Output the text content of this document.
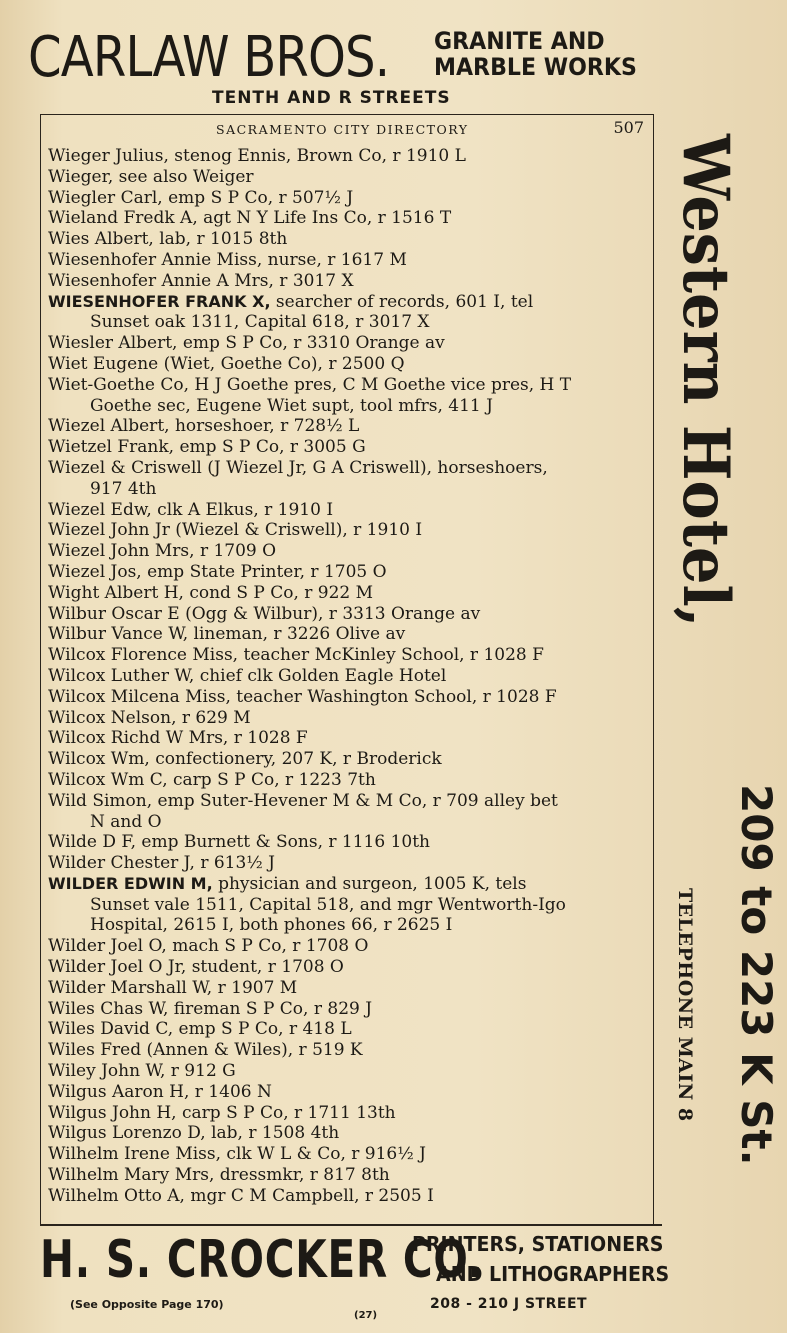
CARLAW BROS. GRANITE AND
MARBLE WORKS
TENTH AND R STREETS
SACRAMENTO CITY DIRECTORY	507
Wieger Julius, stenog Ennis, Brown Co, r 1910 L
Wieger, see also Weiger
Wiegler Carl, emp S P Co, r 507½ J
Wieland Fredk A, agt N Y Life Ins Co, r 1516 T
Wies Albert, lab, r 1015 8th
Wiesenhofer Annie Miss, nurse, r 1617 M
Wiesenhofer Annie A Mrs, r 3017 X
WIESENHOFER FRANK X, searcher of records, 601 I, tel
Sunset oak 1311, Capital 618, r 3017 X
Wiesler Albert, emp S P Co, r 3310 Orange av
Wiet Eugene (Wiet, Goethe Co), r 2500 Q
Wiet-Goethe Co, H J Goethe pres, C M Goethe vice pres, H T
Goethe sec, Eugene Wiet supt, tool mfrs, 411 J
Wiezel Albert, horseshoer, r 728½ L
Wietzel Frank, emp S P Co, r 3005 G
Wiezel & Criswell (J Wiezel Jr, G A Criswell), horseshoers,
917 4th
Wiezel Edw, clk A Elkus, r 1910 I
Wiezel John Jr (Wiezel & Criswell), r 1910 I
Wiezel John Mrs, r 1709 O
Wiezel Jos, emp State Printer, r 1705 O
Wight Albert H, cond S P Co, r 922 M
Wilbur Oscar E (Ogg & Wilbur), r 3313 Orange av
Wilbur Vance W, lineman, r 3226 Olive av
Wilcox Florence Miss, teacher McKinley School, r 1028 F
Wilcox Luther W, chief clk Golden Eagle Hotel
Wilcox Milcena Miss, teacher Washington School, r 1028 F
Wilcox Nelson, r 629 M
Wilcox Richd W Mrs, r 1028 F
Wilcox Wm, confectionery, 207 K, r Broderick
Wilcox Wm C, carp S P Co, r 1223 7th
Wild Simon, emp Suter-Hevener M & M Co, r 709 alley bet
N and O
Wilde D F, emp Burnett & Sons, r 1116 10th
Wilder Chester J, r 613½ J
WILDER EDWIN M, physician and surgeon, 1005 K, tels
Sunset vale 1511, Capital 518, and mgr Wentworth-Igo
Hospital, 2615 I, both phones 66, r 2625 I
Wilder Joel O, mach S P Co, r 1708 O
Wilder Joel O Jr, student, r 1708 O
Wilder Marshall W, r 1907 M
Wiles Chas W, fireman S P Co, r 829 J
Wiles David C, emp S P Co, r 418 L
Wiles Fred (Annen & Wiles), r 519 K
Wiley John W, r 912 G
Wilgus Aaron H, r 1406 N
Wilgus John H, carp S P Co, r 1711 13th
Wilgus Lorenzo D, lab, r 1508 4th
Wilhelm Irene Miss, clk W L & Co, r 916½ J
Wilhelm Mary Mrs, dressmkr, r 817 8th
Wilhelm Otto A, mgr C M Campbell, r 2505 I
Western Hotel,
209 to 223 K St.
TELEPHONE MAIN 8
H. S. CROCKER CO.
PRINTERS, STATIONERS
AND LITHOGRAPHERS
(See Opposite Page 170)	208 - 210 J STREET
(27)
